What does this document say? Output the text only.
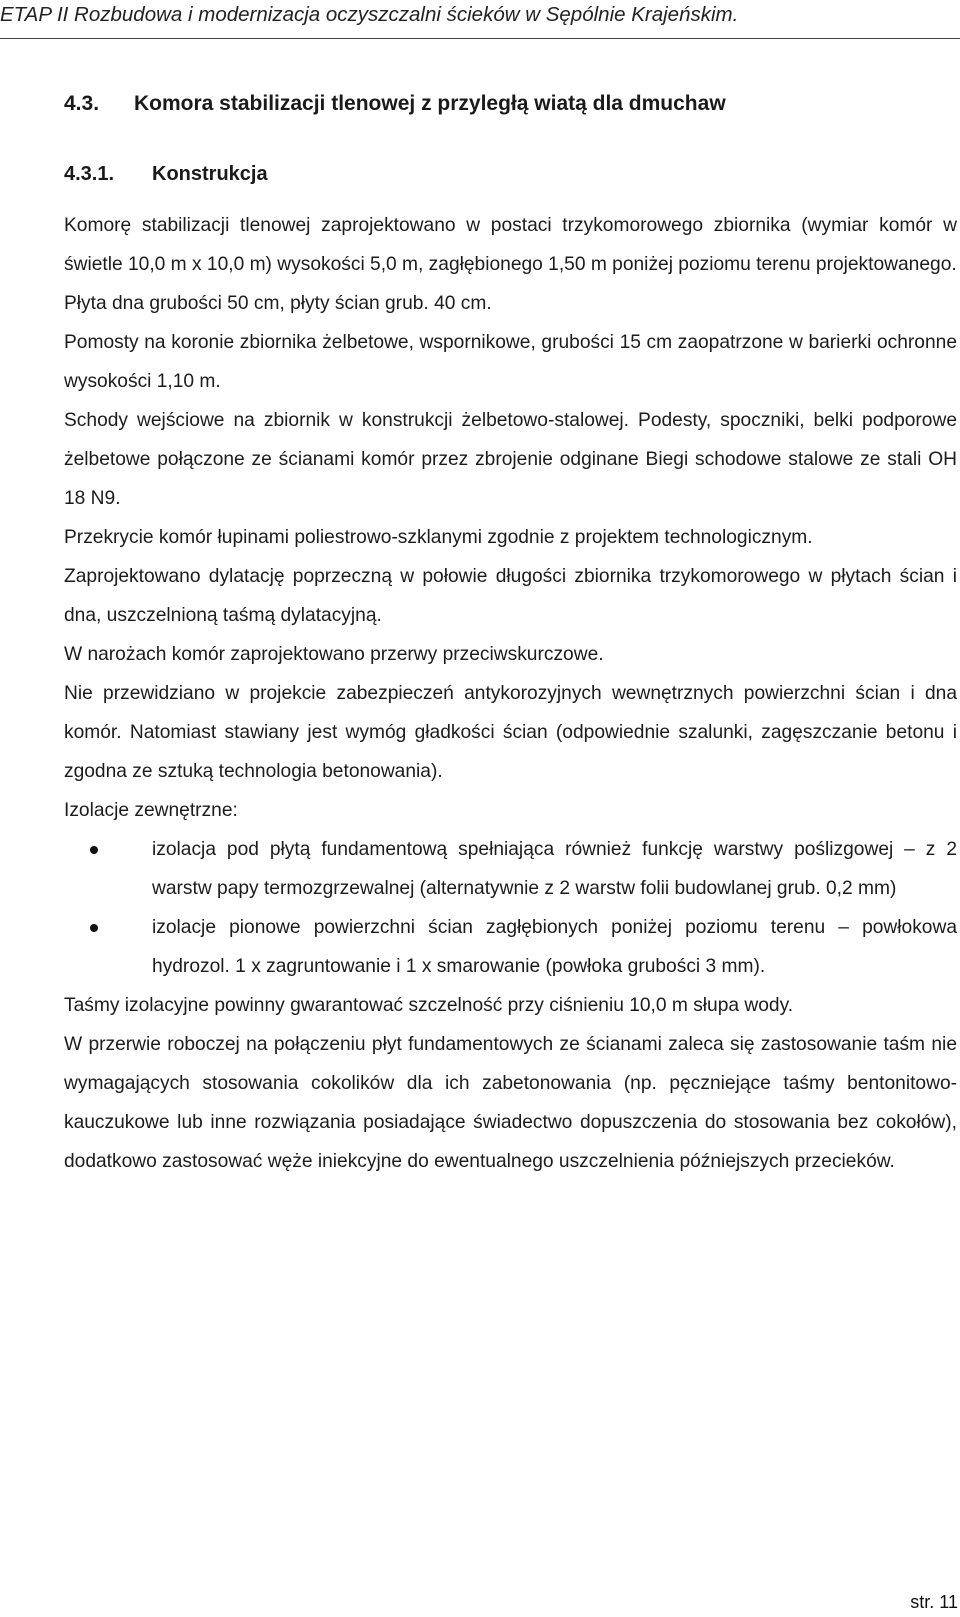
ETAP II Rozbudowa i modernizacja oczyszczalni ścieków w Sępólnie Krajeńskim.
4.3. Komora stabilizacji tlenowej z przyległą wiatą dla dmuchaw
4.3.1. Konstrukcja

Komorę stabilizacji tlenowej zaprojektowano w postaci trzykomorowego zbiornika (wymiar komór w świetle 10,0 m x 10,0 m) wysokości 5,0 m, zagłębionego 1,50 m poniżej poziomu terenu projektowanego.

Płyta dna grubości 50 cm, płyty ścian grub. 40 cm.

Pomosty na koronie zbiornika żelbetowe, wspornikowe, grubości 15 cm zaopatrzone w barierki ochronne wysokości 1,10 m.

Schody wejściowe na zbiornik w konstrukcji żelbetowo-stalowej. Podesty, spoczniki, belki podporowe żelbetowe połączone ze ścianami komór przez zbrojenie odginane Biegi schodowe stalowe ze stali OH 18 N9.

Przekrycie komór łupinami poliestrowo-szklanymi zgodnie z projektem technologicznym.

Zaprojektowano dylatację poprzeczną w połowie długości zbiornika trzykomorowego w płytach ścian i dna, uszczelnioną taśmą dylatacyjną.

W narożach komór zaprojektowano przerwy przeciwskurczowe.

Nie przewidziano w projekcie zabezpieczeń antykorozyjnych wewnętrznych powierzchni ścian i dna komór. Natomiast stawiany jest wymóg gładkości ścian (odpowiednie szalunki, zagęszczanie betonu i zgodna ze sztuką technologia betonowania).

Izolacje zewnętrzne:

izolacja pod płytą fundamentową spełniająca również funkcję warstwy poślizgowej – z 2 warstw papy termozgrzewalnej (alternatywnie z 2 warstw folii budowlanej grub. 0,2 mm)
izolacje pionowe powierzchni ścian zagłębionych poniżej poziomu terenu – powłokowa hydrozol. 1 x zagruntowanie i 1 x smarowanie (powłoka grubości 3 mm).

Taśmy izolacyjne powinny gwarantować szczelność przy ciśnieniu 10,0 m słupa wody.

W przerwie roboczej na połączeniu płyt fundamentowych ze ścianami zaleca się zastosowanie taśm nie wymagających stosowania cokolików dla ich zabetonowania (np. pęczniejące taśmy bentonitowo-kauczukowe lub inne rozwiązania posiadające świadectwo dopuszczenia do stosowania bez cokołów), dodatkowo zastosować węże iniekcyjne do ewentualnego uszczelnienia późniejszych przecieków.

str. 11
